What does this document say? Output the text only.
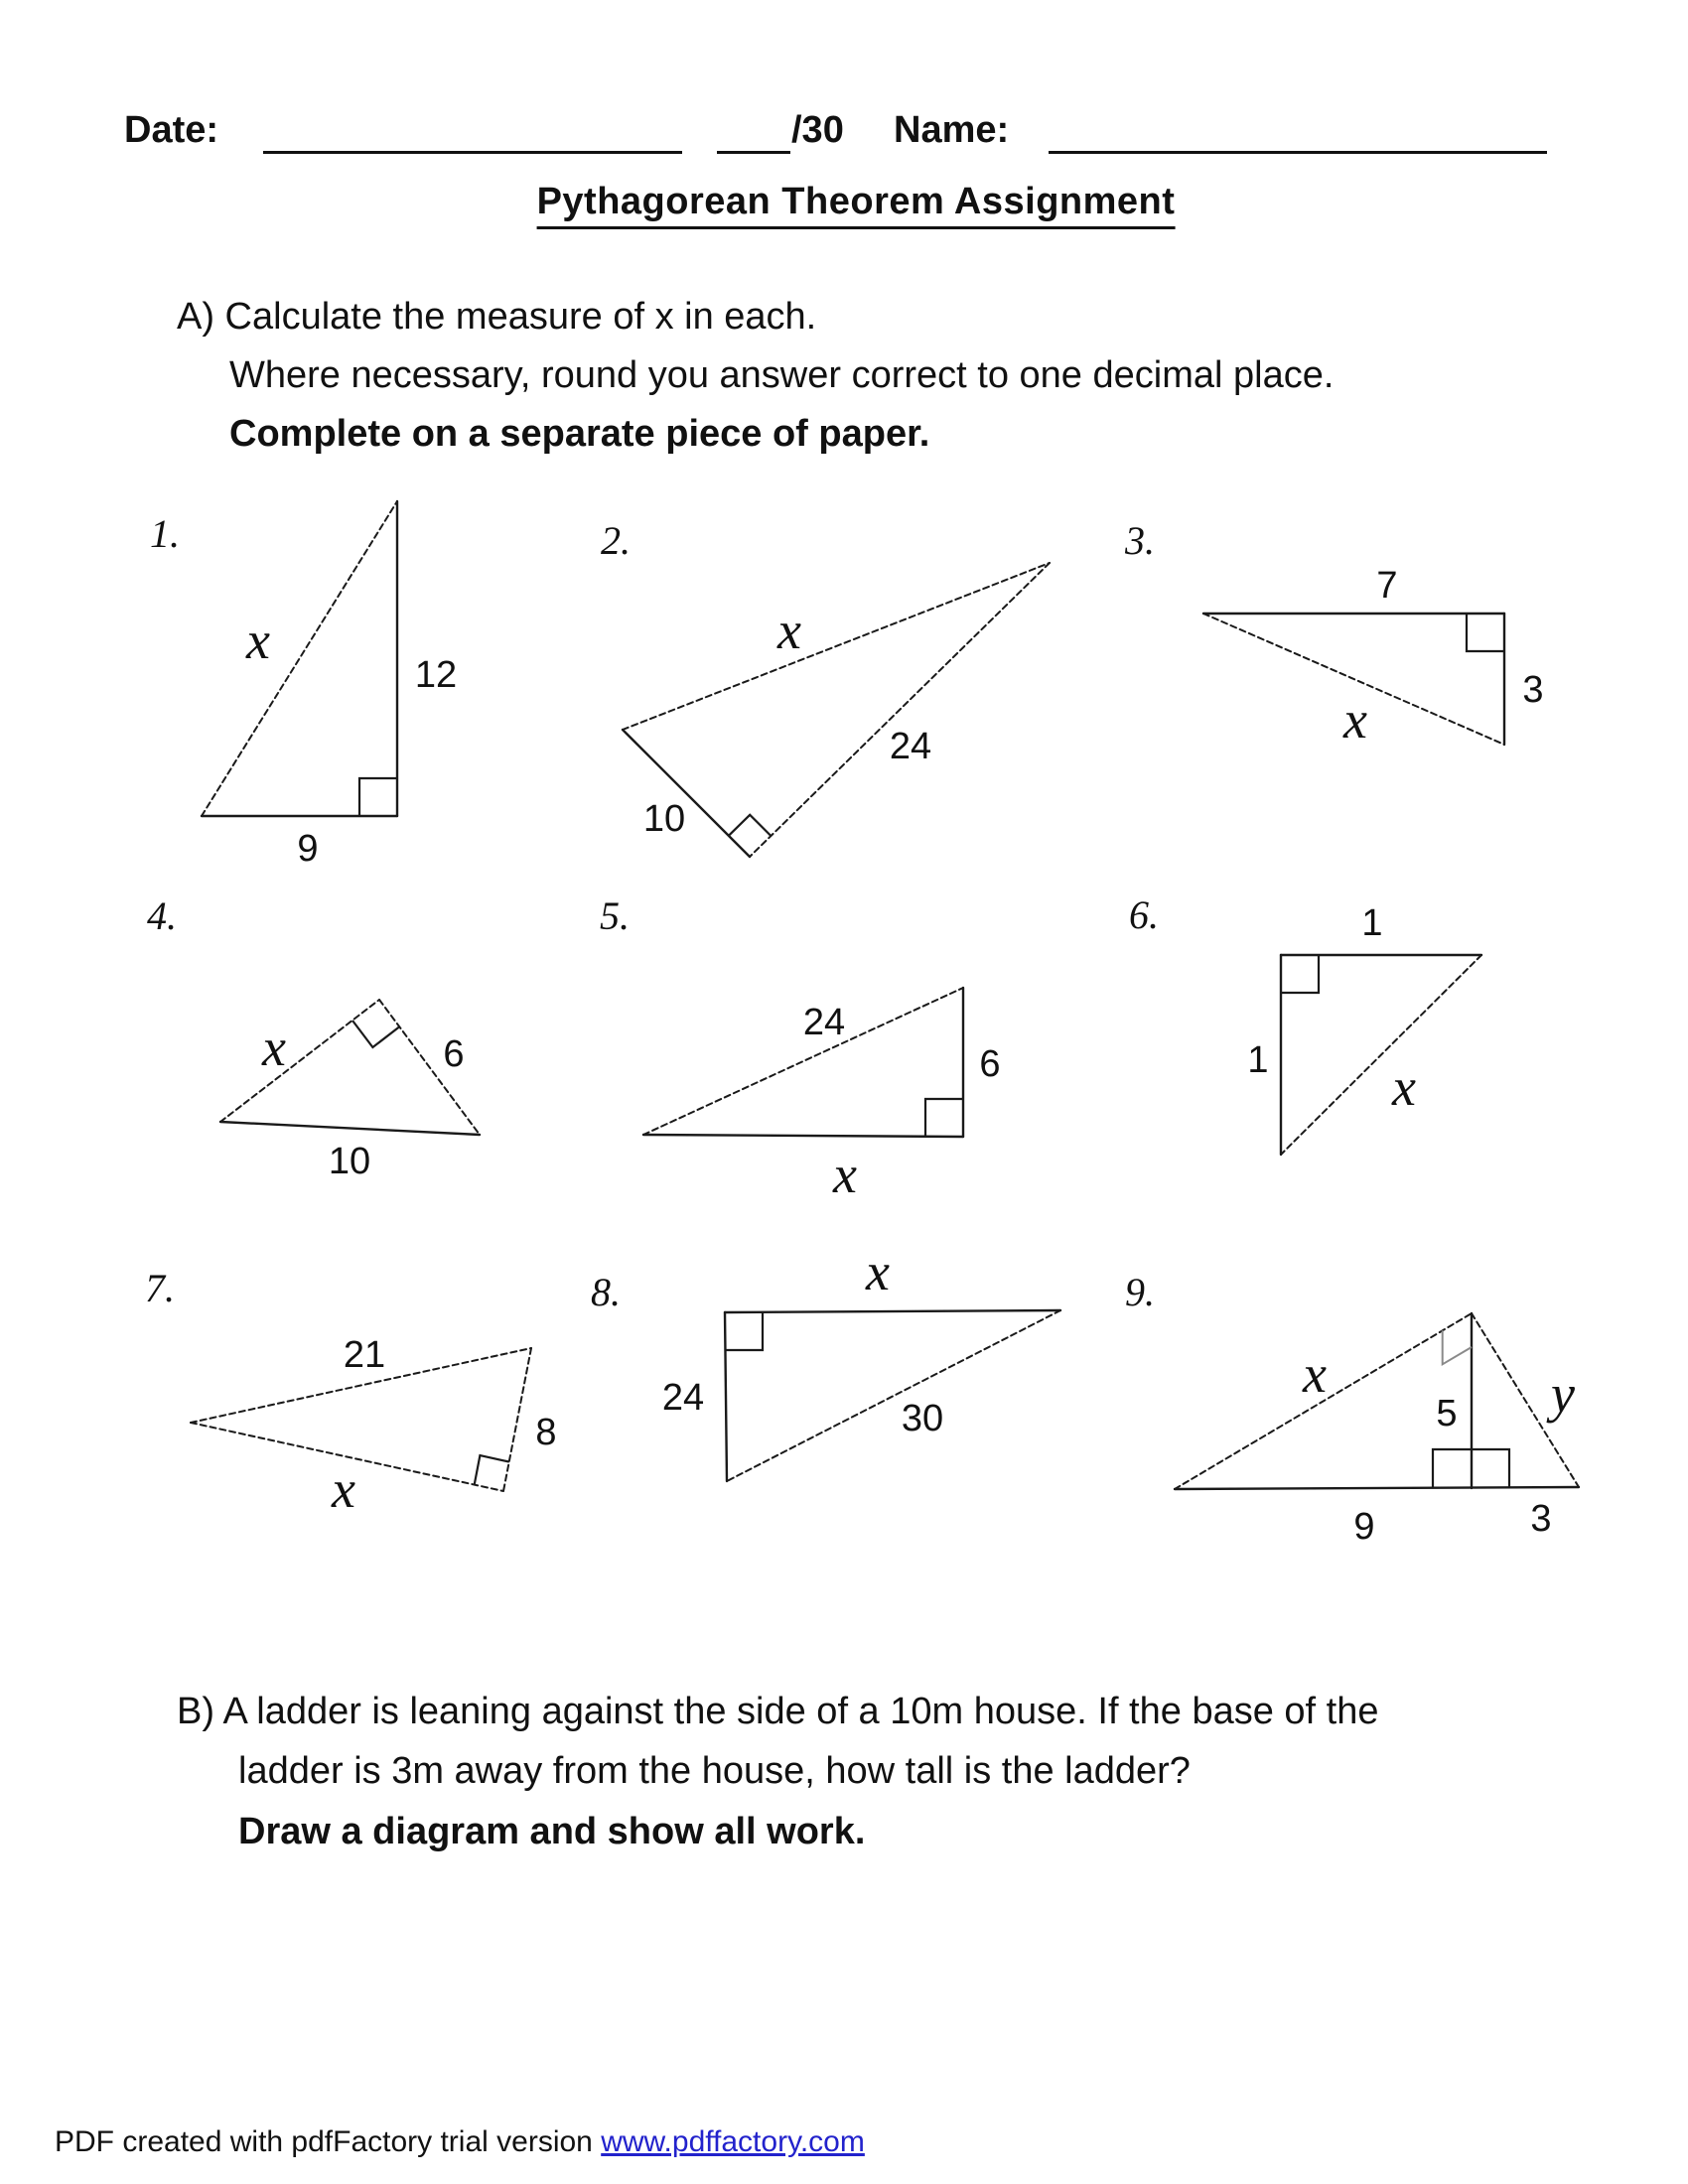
Date:	/30 Name:
Pythagorean Theorem Assignment
A) Calculate the measure of x in each.
Where necessary, round you answer correct to one decimal place.
Complete on a separate piece of paper.
1.
x
12
9
2.
x
24
10
3.
7
3
x
4.
x	6
10
5.
24
6
x
6.	1
1 x
7.
21
8
x
8.	x
24	30
9.
x	y
5
9	3
B) A ladder is leaning against the side of a 10m house. If the base of the
ladder is 3m away from the house, how tall is the ladder?
Draw a diagram and show all work.
PDF created with pdfFactory trial version www.pdffactory.com
